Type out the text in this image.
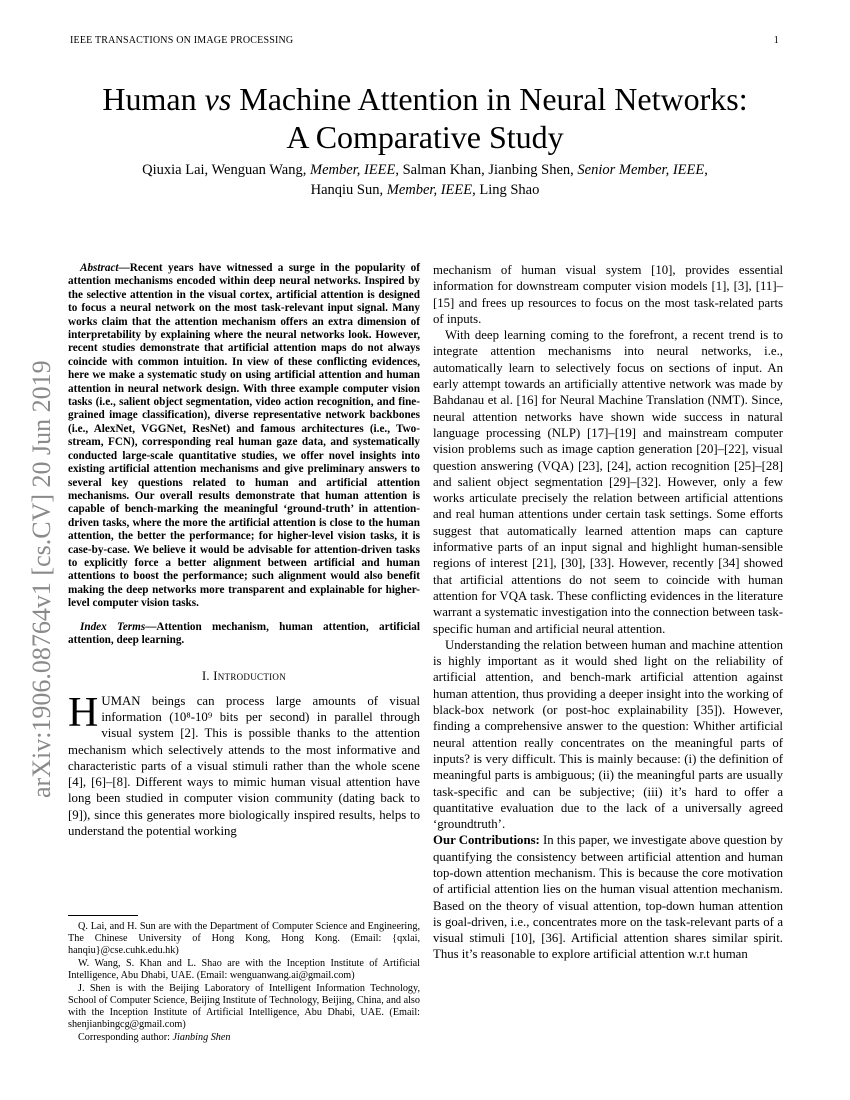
IEEE TRANSACTIONS ON IMAGE PROCESSING	1
arXiv:1906.08764v1 [cs.CV] 20 Jun 2019
Human vs Machine Attention in Neural Networks:
A Comparative Study
Qiuxia Lai, Wenguan Wang, Member, IEEE, Salman Khan, Jianbing Shen, Senior Member, IEEE,
Hanqiu Sun, Member, IEEE, Ling Shao

Abstract—Recent years have witnessed a surge in the popularity of attention mechanisms encoded within deep neural networks. Inspired by the selective attention in the visual cortex, artificial attention is designed to focus a neural network on the most task-relevant input signal. Many works claim that the attention mechanism offers an extra dimension of interpretability by explaining where the neural networks look. However, recent studies demonstrate that artificial attention maps do not always coincide with common intuition. In view of these conflicting evidences, here we make a systematic study on using artificial attention and human attention in neural network design. With three example computer vision tasks (i.e., salient object segmentation, video action recognition, and fine-grained image classification), diverse representative network backbones (i.e., AlexNet, VGGNet, ResNet) and famous architectures (i.e., Two-stream, FCN), corresponding real human gaze data, and systematically conducted large-scale quantitative studies, we offer novel insights into existing artificial attention mechanisms and give preliminary answers to several key questions related to human and artificial attention mechanisms. Our overall results demonstrate that human attention is capable of bench-marking the meaningful ‘ground-truth’ in attention-driven tasks, where the more the artificial attention is close to the human attention, the better the performance; for higher-level vision tasks, it is case-by-case. We believe it would be advisable for attention-driven tasks to explicitly force a better alignment between artificial and human attentions to boost the performance; such alignment would also benefit making the deep networks more transparent and explainable for higher-level computer vision tasks.

Index Terms—Attention mechanism, human attention, artificial attention, deep learning.

I. Introduction

HUMAN beings can process large amounts of visual information (10⁸-10⁹ bits per second) in parallel through visual system [2]. This is possible thanks to the attention mechanism which selectively attends to the most informative and characteristic parts of a visual stimuli rather than the whole scene [4], [6]–[8]. Different ways to mimic human visual attention have long been studied in computer vision community (dating back to [9]), since this generates more biologically inspired results, helps to understand the potential working

mechanism of human visual system [10], provides essential information for downstream computer vision models [1], [3], [11]–[15] and frees up resources to focus on the most task-related parts of inputs.

With deep learning coming to the forefront, a recent trend is to integrate attention mechanisms into neural networks, i.e., automatically learn to selectively focus on sections of input. An early attempt towards an artificially attentive network was made by Bahdanau et al. [16] for Neural Machine Translation (NMT). Since, neural attention networks have shown wide success in natural language processing (NLP) [17]–[19] and mainstream computer vision problems such as image caption generation [20]–[22], visual question answering (VQA) [23], [24], action recognition [25]–[28] and salient object segmentation [29]–[32]. However, only a few works articulate precisely the relation between artificial attentions and real human attentions under certain task settings. Some efforts suggest that automatically learned attention maps can capture informative parts of an input signal and highlight human-sensible regions of interest [21], [30], [33]. However, recently [34] showed that artificial attentions do not seem to coincide with human attention for VQA task. These conflicting evidences in the literature warrant a systematic investigation into the connection between task-specific human and artificial neural attention.

Understanding the relation between human and machine attention is highly important as it would shed light on the reliability of artificial attention, and bench-mark artificial attention against human attention, thus providing a deeper insight into the working of black-box network (or post-hoc explainability [35]). However, finding a comprehensive answer to the question: Whither artificial neural attention really concentrates on the meaningful parts of inputs? is very difficult. This is mainly because: (i) the definition of meaningful parts is ambiguous; (ii) the meaningful parts are usually task-specific and can be subjective; (iii) it’s hard to offer a quantitative evaluation due to the lack of a universally agreed ‘groundtruth’.

Our Contributions: In this paper, we investigate above question by quantifying the consistency between artificial attention and human top-down attention mechanism. This is because the core motivation of artificial attention lies on the human visual attention mechanism. Based on the theory of visual attention, top-down human attention is goal-driven, i.e., concentrates more on the task-relevant parts of a visual stimuli [10], [36]. Artificial attention shares similar spirit. Thus it’s reasonable to explore artificial attention w.r.t human

Q. Lai, and H. Sun are with the Department of Computer Science and Engineering, The Chinese University of Hong Kong, Hong Kong. (Email: {qxlai, hanqiu}@cse.cuhk.edu.hk)

W. Wang, S. Khan and L. Shao are with the Inception Institute of Artificial Intelligence, Abu Dhabi, UAE. (Email: wenguanwang.ai@gmail.com)

J. Shen is with the Beijing Laboratory of Intelligent Information Technology, School of Computer Science, Beijing Institute of Technology, Beijing, China, and also with the Inception Institute of Artificial Intelligence, Abu Dhabi, UAE. (Email: shenjianbingcg@gmail.com)

Corresponding author: Jianbing Shen
